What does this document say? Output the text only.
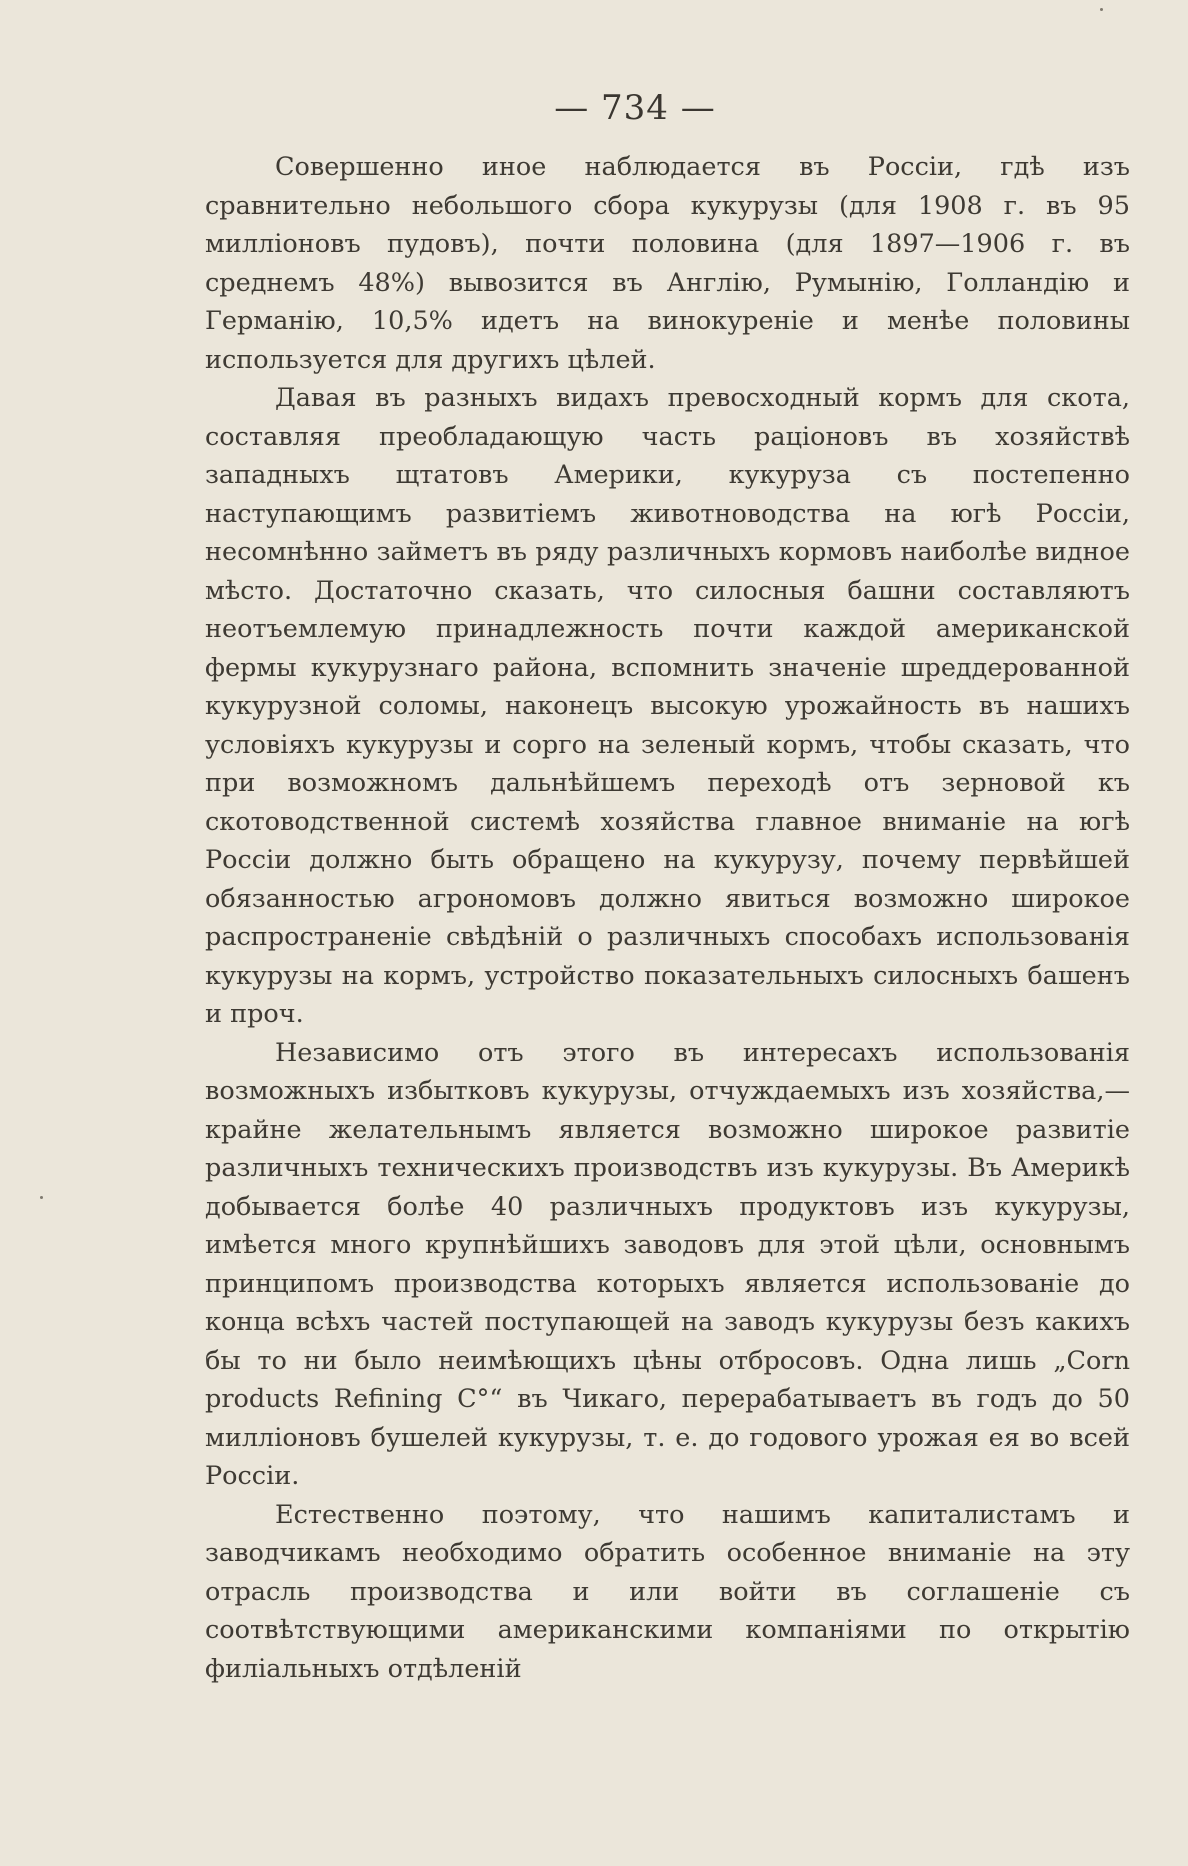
— 734 —

Совершенно иное наблюдается въ Россіи, гдѣ изъ сравнительно небольшого сбора кукурузы (для 1908 г. въ 95 милліоновъ пудовъ), почти половина (для 1897—1906 г. въ среднемъ 48%) вывозится въ Англію, Румынію, Голландію и Германію, 10,5% идетъ на винокуреніе и менѣе половины используется для другихъ цѣлей.

Давая въ разныхъ видахъ превосходный кормъ для скота, составляя преобладающую часть рацiоновъ въ хозяйствѣ западныхъ щтатовъ Америки, кукуруза съ постепенно наступающимъ развитіемъ животноводства на югѣ Россіи, несомнѣнно займетъ въ ряду различныхъ кормовъ наиболѣе видное мѣсто. Достаточно сказать, что силосныя башни составляютъ неотъемлемую принадлежность почти каждой американской фермы кукурузнаго района, вспомнить значеніе шреддерованной кукурузной соломы, наконецъ высокую урожайность въ нашихъ условіяхъ кукурузы и сорго на зеленый кормъ, чтобы сказать, что при возможномъ дальнѣйшемъ переходѣ отъ зерновой къ скотоводственной системѣ хозяйства главное вниманіе на югѣ Россіи должно быть обращено на кукурузу, почему первѣйшей обязанностью агрономовъ должно явиться возможно широкое распространеніе свѣдѣній о различныхъ способахъ использованія кукурузы на кормъ, устройство показательныхъ силосныхъ башенъ и проч.

Независимо отъ этого въ интересахъ использованія возможныхъ избытковъ кукурузы, отчуждаемыхъ изъ хозяйства,— крайне желательнымъ является возможно широкое развитіе различныхъ техническихъ производствъ изъ кукурузы. Въ Америкѣ добывается болѣе 40 различныхъ продуктовъ изъ кукурузы, имѣется много крупнѣйшихъ заводовъ для этой цѣли, основнымъ принципомъ производства которыхъ является использованіе до конца всѣхъ частей поступающей на заводъ кукурузы безъ какихъ бы то ни было неимѣющихъ цѣны отбросовъ. Одна лишь „Corn products Refining C°“ въ Чикаго, перерабатываетъ въ годъ до 50 милліоновъ бушелей кукурузы, т. е. до годового урожая ея во всей Россіи.

Естественно поэтому, что нашимъ капиталистамъ и заводчикамъ необходимо обратить особенное вниманіе на эту отрасль производства и или войти въ соглашеніе съ соотвѣтствующими американскими компаніями по открытію филіальныхъ отдѣленій
